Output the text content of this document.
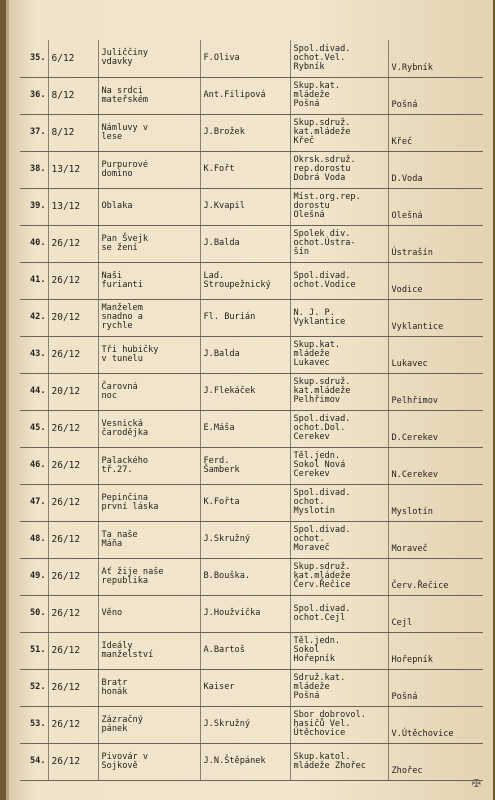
35.	6/12	Juliččiny
vdavky	F.Oliva	Spol.divad.
ochot.Vel.
Rybník	V.Rybník
36.	8/12	Na srdci
mateřském	Ant.Filipová	Skup.kat.
mládeže
Pošná	Pošná
37.	8/12	Námluvy v
lese	J.Brožek	Skup.sdruž.
kat.mládeže
Křeč	Křeč
38.	13/12	Purpurové
domino	K.Fořt	Okrsk.sdruž.
rep.dorostu
Dobrá Voda	D.Voda
39.	13/12	Oblaka	J.Kvapil	Míst.org.rep.
dorostu
Olešná	Olešná
40.	26/12	Pan Švejk
se žení	J.Balda	Spolek div.
ochot.Ústra-
šín	Ústrašín
41.	26/12	Naši
furianti	Lad.
Stroupežnický	Spol.divad.
ochot.Vodice	Vodice
42.	20/12	Manželem
snadno a
rychle	Fl. Burián	N. J. P.
Vyklantice	Vyklantice
43.	26/12	Tři hubičky
v tunelu	J.Balda	Skup.kat.
mládeže
Lukavec	Lukavec
44.	20/12	Čarovná
noc	J.Flekáček	Skup.sdruž.
kat.mládeže
Pelhřimov	Pelhřimov
45.	26/12	Vesnická
čarodějka	E.Máša	Spol.divad.
ochot.Dol.
Cerekev	D.Cerekev
46.	26/12	Palackého
tř.27.	Ferd.
Šamberk	Těl.jedn.
Sokol Nová
Cerekev	N.Cerekev
47.	26/12	Pepinčina
první láska	K.Fořta	Spol.divad.
ochot.
Myslotín	Myslotín
48.	26/12	Ta naše
Máňa	J.Skružný	Spol.divad.
ochot.
Moraveč	Moraveč
49.	26/12	Ať žije naše
republika	B.Bouška.	Skup.sdruž.
kat.mládeže
Červ.Řečice	Červ.Řečice
50.	26/12	Věno	J.Houžvička	Spol.divad.
ochot.Cejl	Cejl
51.	26/12	Ideály
manželství	A.Bartoš	Těl.jedn.
Sokol
Hořepník	Hořepník
52.	26/12	Bratr
honák	Kaiser	Sdruž.kat.
mládeže
Pošná	Pošná
53.	26/12	Zázračný
pánek	J.Skružný	Sbor dobrovol.
hasičů Vel.
Útěchovice	V.Útěchovice
54.	26/12	Pivovár v
Sojkově	J.N.Štěpánek	Skup.katol.
mládeže Zhořec	Zhořec
✠
